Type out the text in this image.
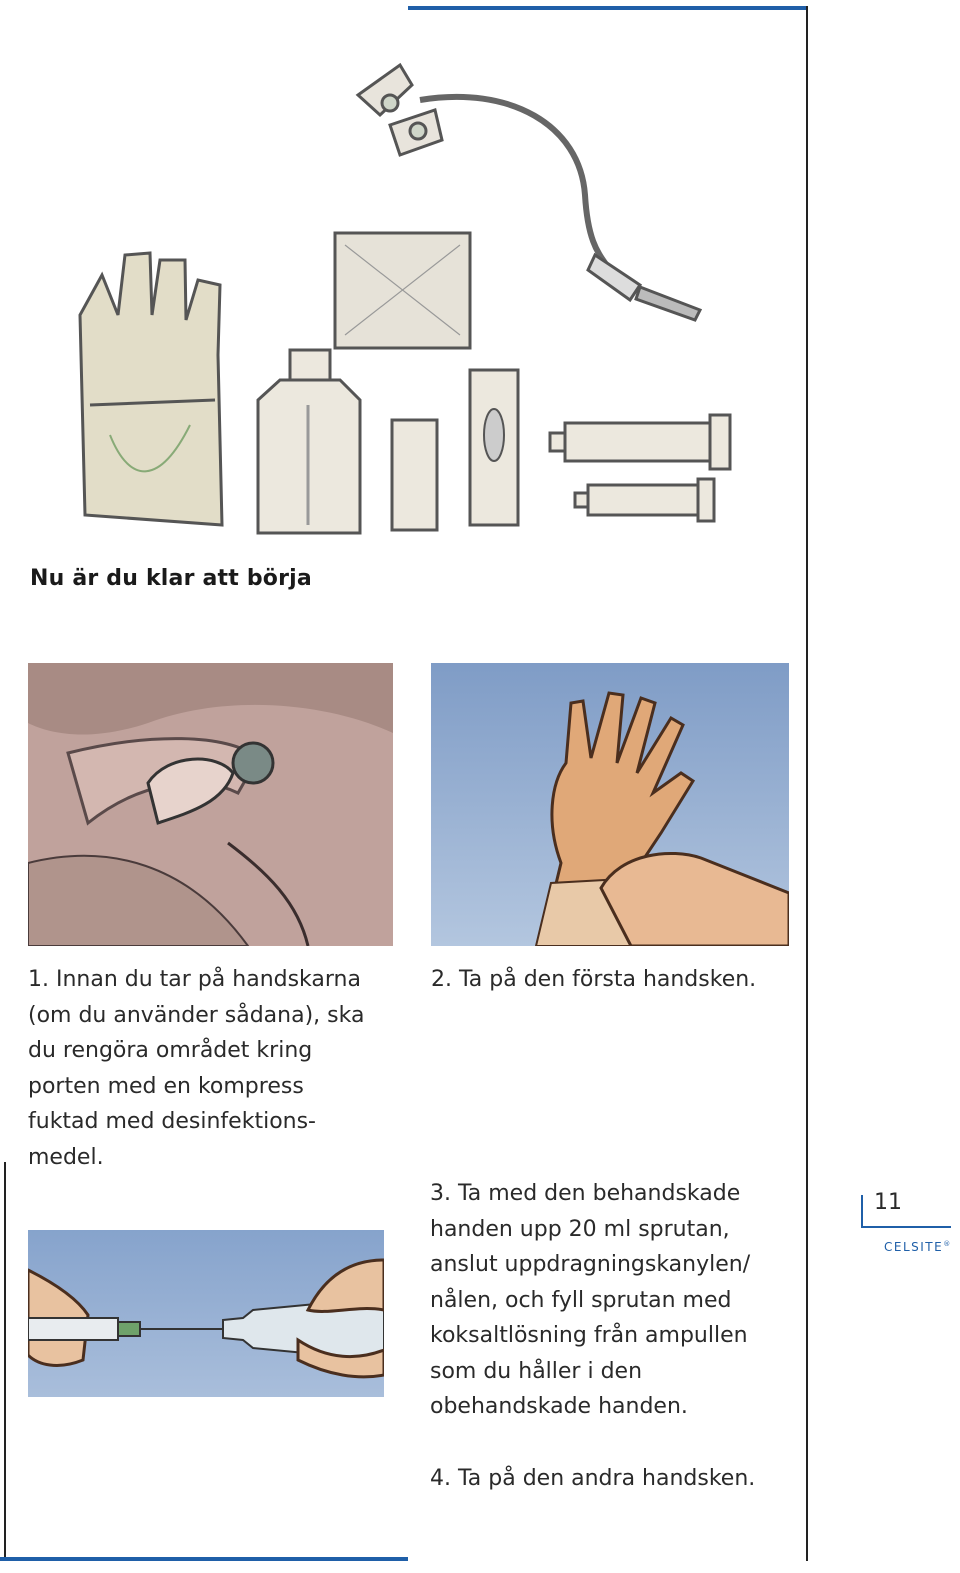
Nu är du klar att börja
1. Innan du tar på handskarna
(om du använder sådana), ska
du rengöra området kring
porten med en kompress
fuktad med desinfektions-
medel.
2. Ta på den första handsken.
3. Ta med den behandskade
handen upp 20 ml sprutan,
anslut uppdragningskanylen/
nålen, och fyll sprutan med
koksaltlösning från ampullen
som du håller i den
obehandskade handen.
4. Ta på den andra handsken.
11
CELSITE®
